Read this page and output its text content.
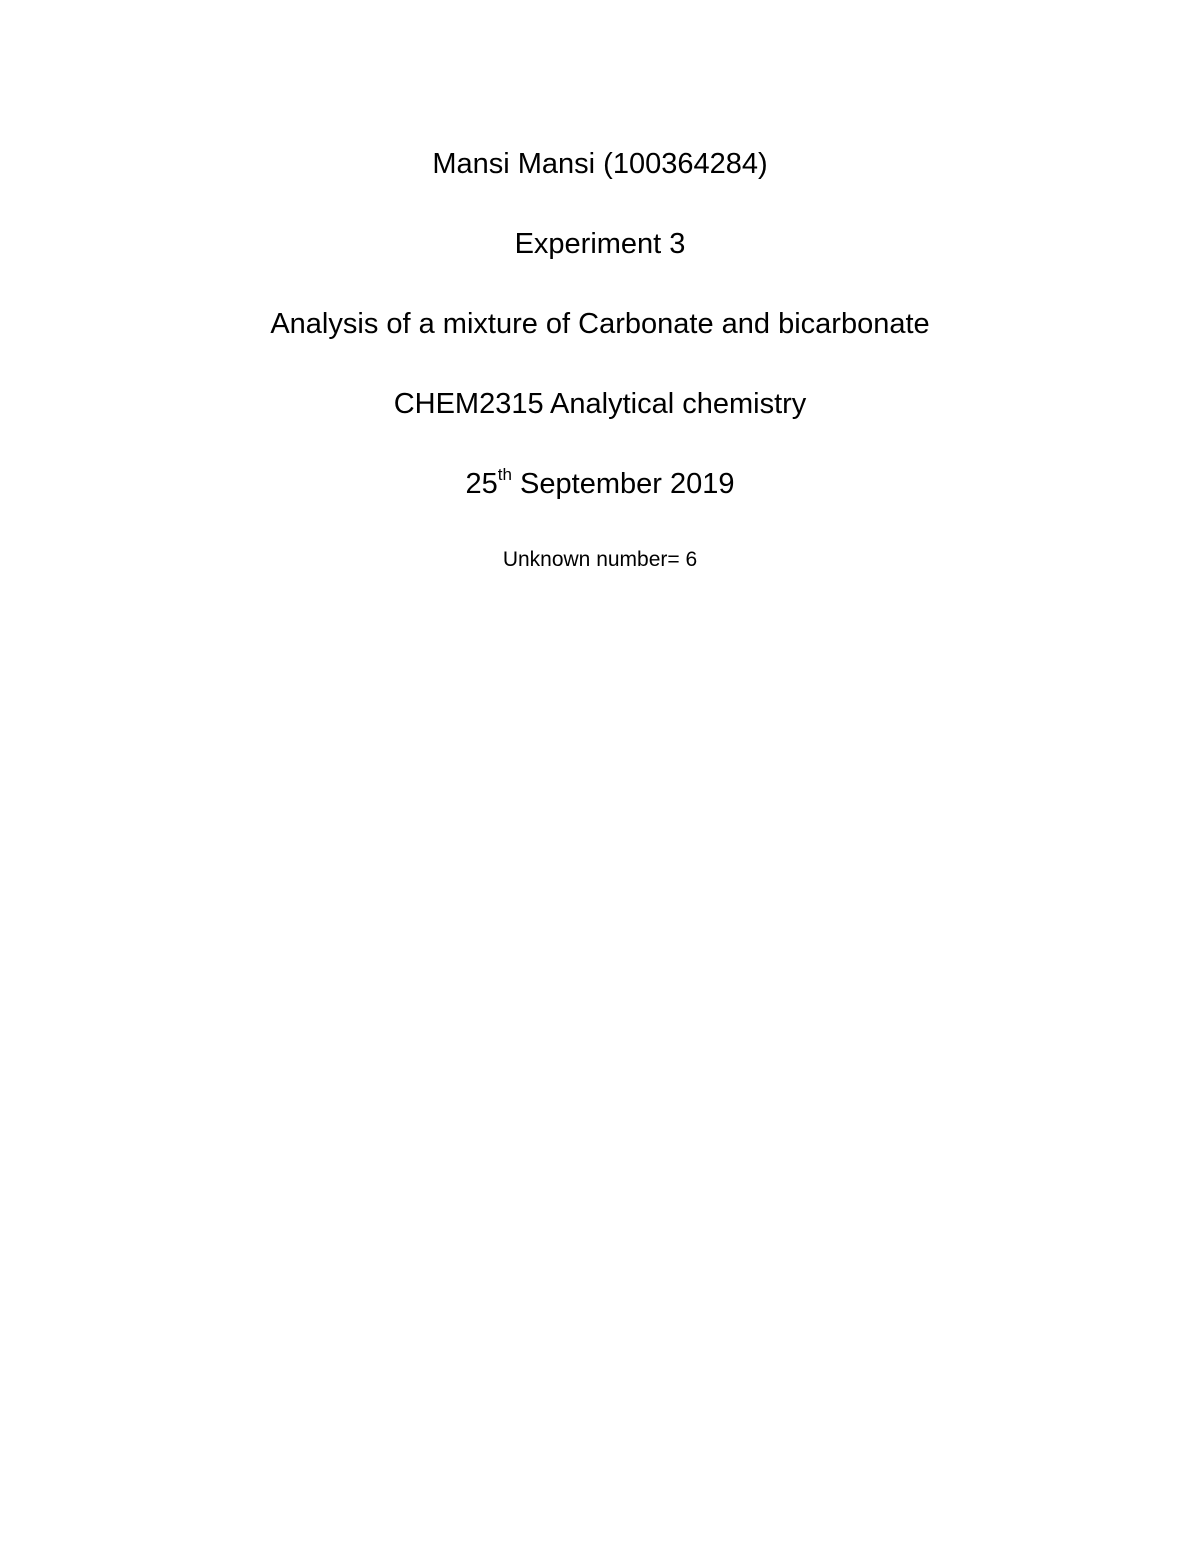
Mansi Mansi (100364284)
Experiment 3
Analysis of a mixture of Carbonate and bicarbonate
CHEM2315 Analytical chemistry
25th September 2019
Unknown number= 6
